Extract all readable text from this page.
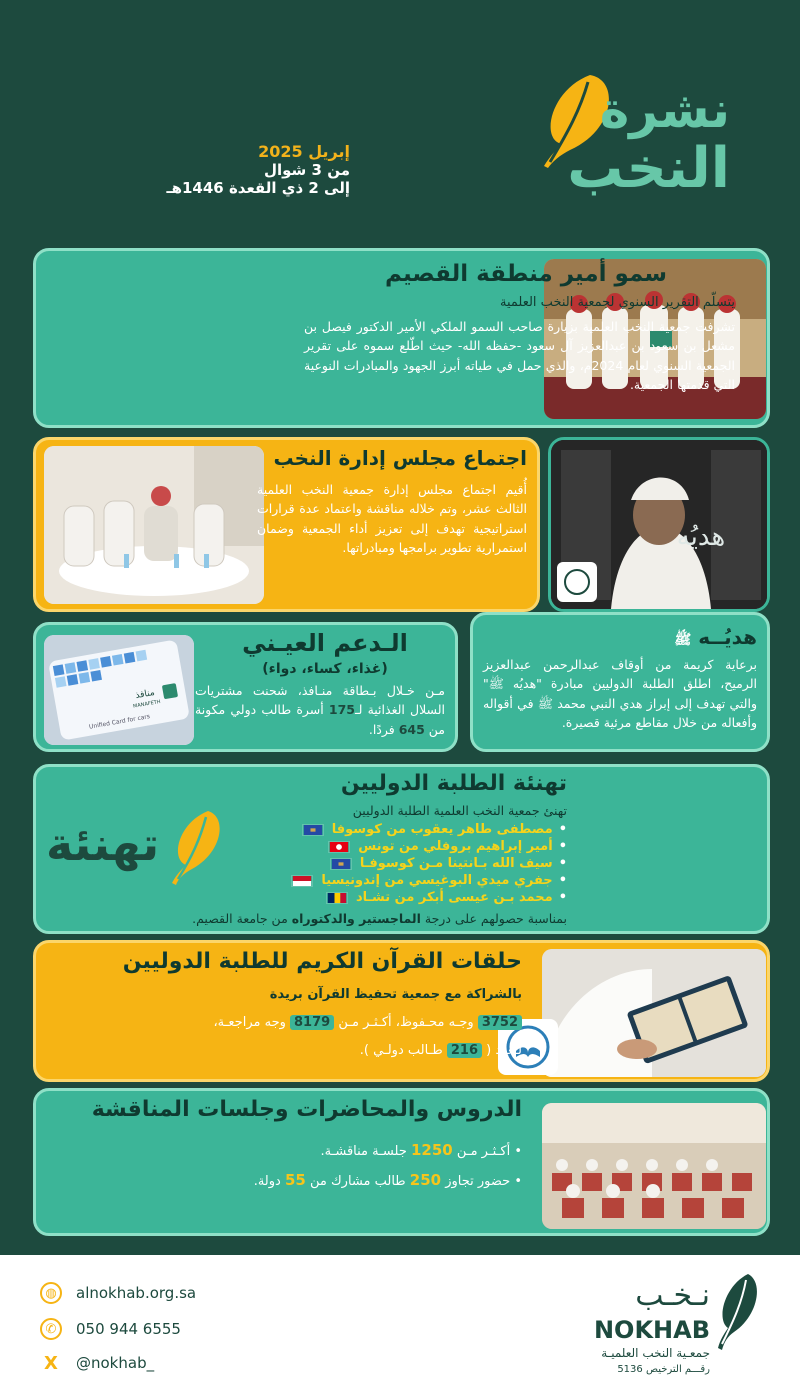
نشرة
النخب
إبريل 2025
من 3 شوال
إلى 2 ذي القعدة 1446هـ
سمو أمير منطقة القصيم
يتسلّم التقرير السنوي لجمعية النخب العلمية
تشرفت جمعية النخب العلمية بزيارة صاحب السمو الملكي الأمير الدكتور فيصل بن مشعل بن سعود بن عبدالعزيز آل سعود -حفظه الله- حيث اطّلع سموه على تقرير الجمعية السنوي لعام 2024م، والذي حمل في طياته أبرز الجهود والمبادرات النوعية التي قدمتها الجمعية.
اجتماع مجلس إدارة النخب
أُقيم اجتماع مجلس إدارة جمعية النخب العلمية الثالث عشر، وتم خلاله مناقشة واعتماد عدة قرارات استراتيجية تهدف إلى تعزيز أداء الجمعية وضمان استمرارية تطوير برامجها ومبادراتها.	هديُه
هديُــه ﷺ
برعاية كريمة من أوقاف عبدالرحمن عبدالعزيز الرميح، اطلق الطلبة الدوليين مبادرة "هديُه ﷺ" والتي تهدف إلى إبراز هدي النبي محمد ﷺ في أقواله وأفعاله من خلال مقاطع مرئية قصيرة.
منافذ
MANAFETH
Unified Card for cars
الـدعم العيـني
(غذاء، كساء، دواء)
مـن خـلال بـطاقة منـافذ، شحنت مشتريات السلال الغذائية لـ175 أسرة طالب دولي مكونة من 645 فردًا.
تهنئة الطلبة الدوليين
تهنئ جمعية النخب العلمية الطلبة الدوليين
•
مصطفى طاهر يعقوب من كوسوفا
•
أمير إبراهيم بروفلي من تونس
•
سيف الله بـانتينا مـن كوسوفـا
•
جفري ميدي البوغيسي من إندونيسيا
•
محمد بـن عيسى أبكر من تشـاد
بمناسبة حصولهم على درجة الماجستير والدكتوراه من جامعة القصيم.
تهنئة
حلقات القرآن الكريم للطلبة الدوليين
بالشراكة مع جمعية تحفيظ القرآن بريدة
3752 وجـه محـفوظ، أكـثـر مـن 8179 وجه مراجعـة،
لـعدد ( 216 طـالب دولـي ).
الدروس والمحاضرات وجلسات المناقشة
• أكـثـر مـن 1250 جلسـة مناقشـة.
• حضور تجاوز 250 طالب مشارك من 55 دولة.
◍	alnokhab.org.sa
✆	050 944 6555
X @nokhab_
نـخـب
NOKHAB
جمعـية النخب العلميـة
رقـــم الترخيص 5136
